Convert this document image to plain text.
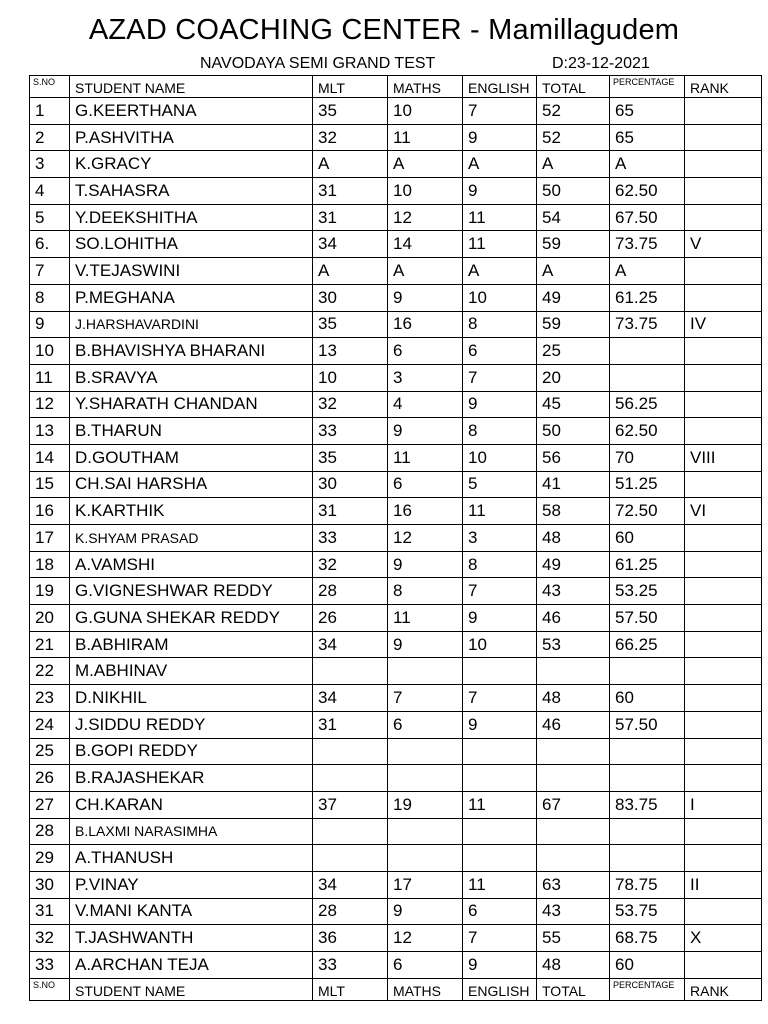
AZAD COACHING CENTER - Mamillagudem
NAVODAYA SEMI GRAND TEST	D:23-12-2021
S.NO	STUDENT NAME	MLT	MATHS	ENGLISH	TOTAL	PERCENTAGE	RANK
1	G.KEERTHANA	35	10	7	52	65	
2	P.ASHVITHA	32	11	9	52	65	
3	K.GRACY	A	A	A	A	A	
4	T.SAHASRA	31	10	9	50	62.50	
5	Y.DEEKSHITHA	31	12	11	54	67.50	
6.	SO.LOHITHA	34	14	11	59	73.75	V
7	V.TEJASWINI	A	A	A	A	A	
8	P.MEGHANA	30	9	10	49	61.25	
9	J.HARSHAVARDINI	35	16	8	59	73.75	IV
10	B.BHAVISHYA BHARANI	13	6	6	25		
11	B.SRAVYA	10	3	7	20		
12	Y.SHARATH CHANDAN	32	4	9	45	56.25	
13	B.THARUN	33	9	8	50	62.50	
14	D.GOUTHAM	35	11	10	56	70	VIII
15	CH.SAI HARSHA	30	6	5	41	51.25	
16	K.KARTHIK	31	16	11	58	72.50	VI
17	K.SHYAM PRASAD	33	12	3	48	60	
18	A.VAMSHI	32	9	8	49	61.25	
19	G.VIGNESHWAR REDDY	28	8	7	43	53.25	
20	G.GUNA SHEKAR REDDY	26	11	9	46	57.50	
21	B.ABHIRAM	34	9	10	53	66.25	
22	M.ABHINAV						
23	D.NIKHIL	34	7	7	48	60	
24	J.SIDDU REDDY	31	6	9	46	57.50	
25	B.GOPI REDDY						
26	B.RAJASHEKAR						
27	CH.KARAN	37	19	11	67	83.75	I
28	B.LAXMI NARASIMHA						
29	A.THANUSH						
30	P.VINAY	34	17	11	63	78.75	II
31	V.MANI KANTA	28	9	6	43	53.75	
32	T.JASHWANTH	36	12	7	55	68.75	X
33	A.ARCHAN TEJA	33	6	9	48	60	
S.NO	STUDENT NAME	MLT	MATHS	ENGLISH	TOTAL	PERCENTAGE	RANK
